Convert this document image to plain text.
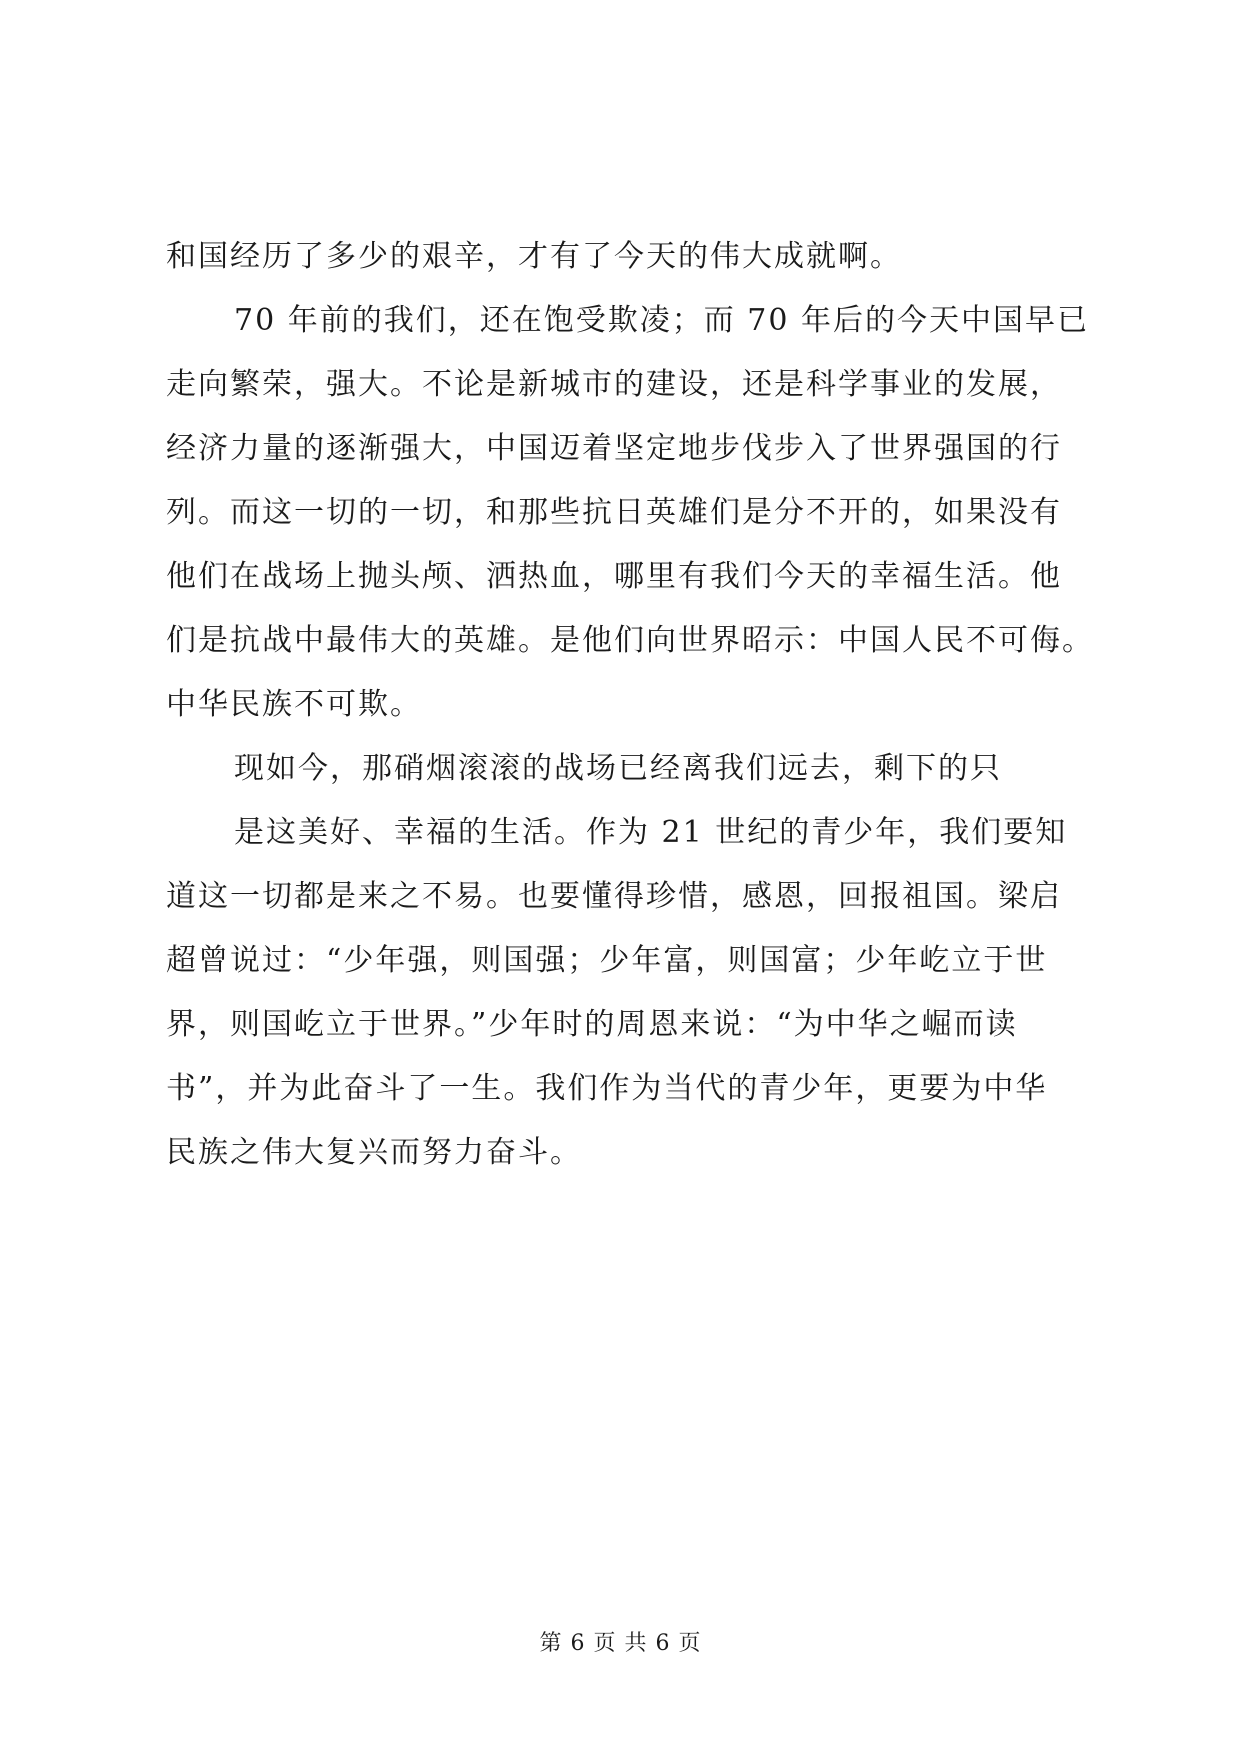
和国经历了多少的艰辛，才有了今天的伟大成就啊。
70 年前的我们，还在饱受欺凌；而 70 年后的今天中国早已
走向繁荣，强大。不论是新城市的建设，还是科学事业的发展，
经济力量的逐渐强大，中国迈着坚定地步伐步入了世界强国的行
列。而这一切的一切，和那些抗日英雄们是分不开的，如果没有
他们在战场上抛头颅、洒热血，哪里有我们今天的幸福生活。他
们是抗战中最伟大的英雄。是他们向世界昭示：中国人民不可侮。
中华民族不可欺。
现如今，那硝烟滚滚的战场已经离我们远去，剩下的只
是这美好、幸福的生活。作为 21 世纪的青少年，我们要知
道这一切都是来之不易。也要懂得珍惜，感恩，回报祖国。梁启
超曾说过：“少年强，则国强；少年富，则国富；少年屹立于世
界，则国屹立于世界。”少年时的周恩来说：“为中华之崛而读
书”，并为此奋斗了一生。我们作为当代的青少年，更要为中华
民族之伟大复兴而努力奋斗。
第 6 页 共 6 页
